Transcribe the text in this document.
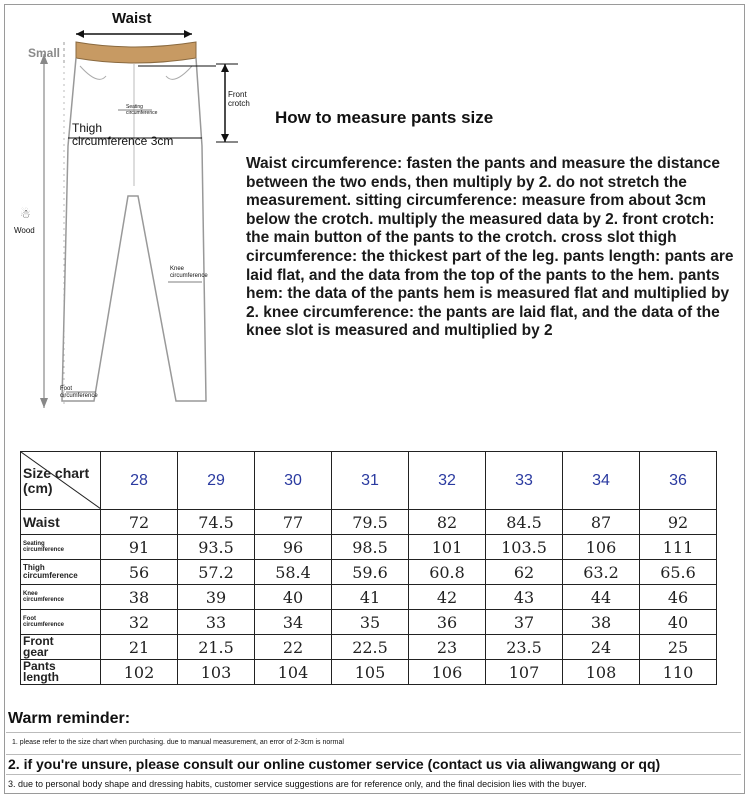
☃
Waist
Small
Front
crotch
Seating
circumference
Thigh
circumference 3cm
Wood
Knee
circumference
Foot
circumference
How to measure pants size
Waist circumference: fasten the pants and measure the distance between the two ends, then multiply by 2. do not stretch the measurement. sitting circumference: measure from about 3cm below the crotch. multiply the measured data by 2. front crotch: the main button of the pants to the crotch. cross slot thigh circumference: the thickest part of the leg. pants length: pants are laid flat, and the data from the top of the pants to the hem. pants hem: the data of the pants hem is measured flat and multiplied by 2. knee circumference: the pants are laid flat, and the data of the knee slot is measured and multiplied by 2
Size chart
(cm)	28	29	30	31	32	33	34	36

Waist	72	74.5	77	79.5	82	84.5	87	92

Seating
circumference	91	93.5	96	98.5	101	103.5	106	111

Thigh
circumference	56	57.2	58.4	59.6	60.8	62	63.2	65.6

Knee
circumference	38	39	40	41	42	43	44	46

Foot
circumference	32	33	34	35	36	37	38	40

Front
gear	21	21.5	22	22.5	23	23.5	24	25

Pants
length	102	103	104	105	106	107	108	110
Warm reminder:
1. please refer to the size chart when purchasing. due to manual measurement, an error of 2-3cm is normal
2. if you're unsure, please consult our online customer service (contact us via aliwangwang or qq)
3. due to personal body shape and dressing habits, customer service suggestions are for reference only, and the final decision lies with the buyer.
